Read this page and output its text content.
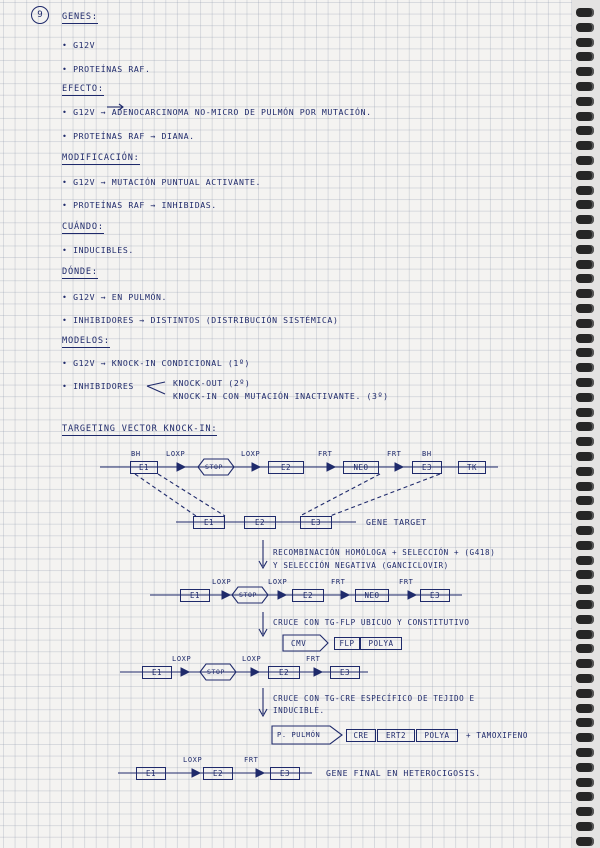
9	GENES:
• G12V
• PROTEÍNAS RAF.
EFECTO:
• G12V → ADENOCARCINOMA NO-MICRO DE PULMÓN POR MUTACIÓN.
• PROTEÍNAS RAF → DIANA.
MODIFICACIÓN:
• G12V → MUTACIÓN PUNTUAL ACTIVANTE.
• PROTEÍNAS RAF → INHIBIDAS.
CUÁNDO:
• INDUCIBLES.
DÓNDE:
• G12V → EN PULMÓN.
• INHIBIDORES → DISTINTOS (DISTRIBUCIÓN SISTÉMICA)
MODELOS:
• G12V → KNOCK-IN CONDICIONAL (1º)
• INHIBIDORES	KNOCK-OUT (2º)
KNOCK-IN CON MUTACIÓN INACTIVANTE. (3º)
TARGETING VECTOR KNOCK-IN:
BH	LOXP	LOXP	FRT	FRT	BH
E1	STOP	E2	NEO	E3	TK
E1	E2	E3	GENE TARGET
RECOMBINACIÓN HOMÓLOGA + SELECCIÓN + (G418)
Y SELECCIÓN NEGATIVA (GANCICLOVIR)
LOXP	LOXP	FRT	FRT
E1	STOP	E2	NEO	E3
CRUCE CON TG-FLP UBICUO Y CONSTITUTIVO
CMV	FLP	POLYA
LOXP	LOXP	FRT
E1	STOP	E2	E3
CRUCE CON TG-CRE ESPECÍFICO DE TEJIDO E
INDUCIBLE.
P. PULMÓN	CRE	ERT2	POLYA	+ TAMOXIFENO
LOXP	FRT
E1	E2	E3	GENE FINAL EN HETEROCIGOSIS.
